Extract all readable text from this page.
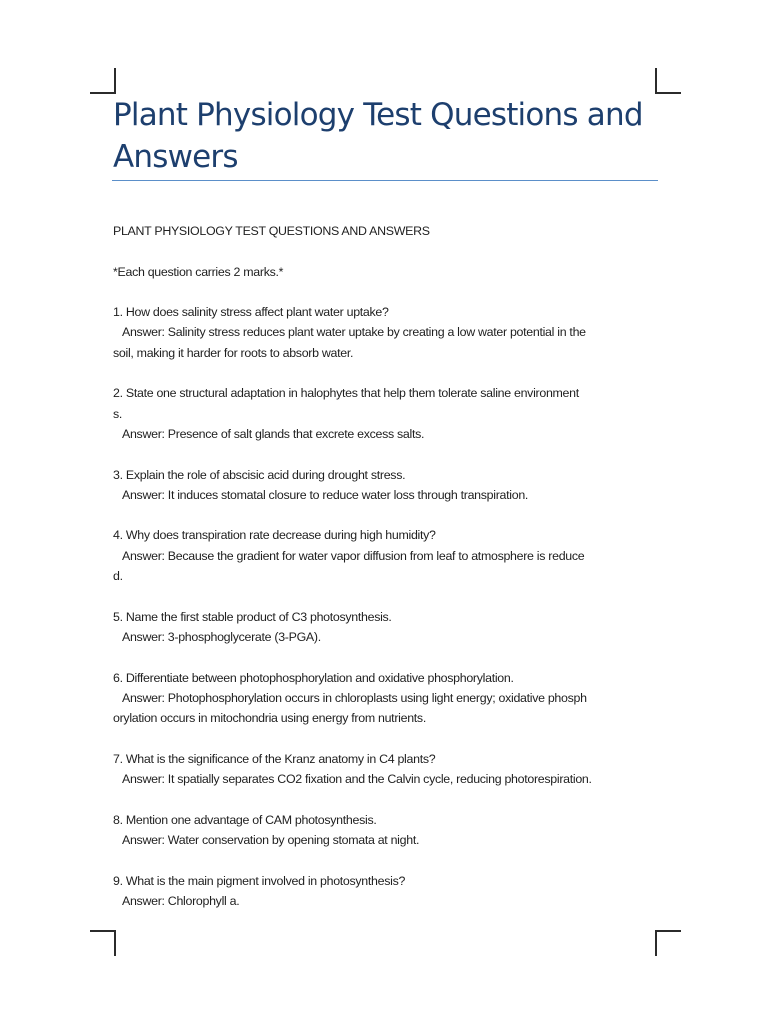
Plant Physiology Test Questions and Answers

PLANT PHYSIOLOGY TEST QUESTIONS AND ANSWERS

*Each question carries 2 marks.*

1. How does salinity stress affect plant water uptake?
Answer: Salinity stress reduces plant water uptake by creating a low water potential in the
soil, making it harder for roots to absorb water.
2. State one structural adaptation in halophytes that help them tolerate saline environment
s.
Answer: Presence of salt glands that excrete excess salts.
3. Explain the role of abscisic acid during drought stress.
Answer: It induces stomatal closure to reduce water loss through transpiration.
4. Why does transpiration rate decrease during high humidity?
Answer: Because the gradient for water vapor diffusion from leaf to atmosphere is reduce
d.
5. Name the first stable product of C3 photosynthesis.
Answer: 3-phosphoglycerate (3-PGA).
6. Differentiate between photophosphorylation and oxidative phosphorylation.
Answer: Photophosphorylation occurs in chloroplasts using light energy; oxidative phosph
orylation occurs in mitochondria using energy from nutrients.
7. What is the significance of the Kranz anatomy in C4 plants?
Answer: It spatially separates CO2 fixation and the Calvin cycle, reducing photorespiration.
8. Mention one advantage of CAM photosynthesis.
Answer: Water conservation by opening stomata at night.
9. What is the main pigment involved in photosynthesis?
Answer: Chlorophyll a.
